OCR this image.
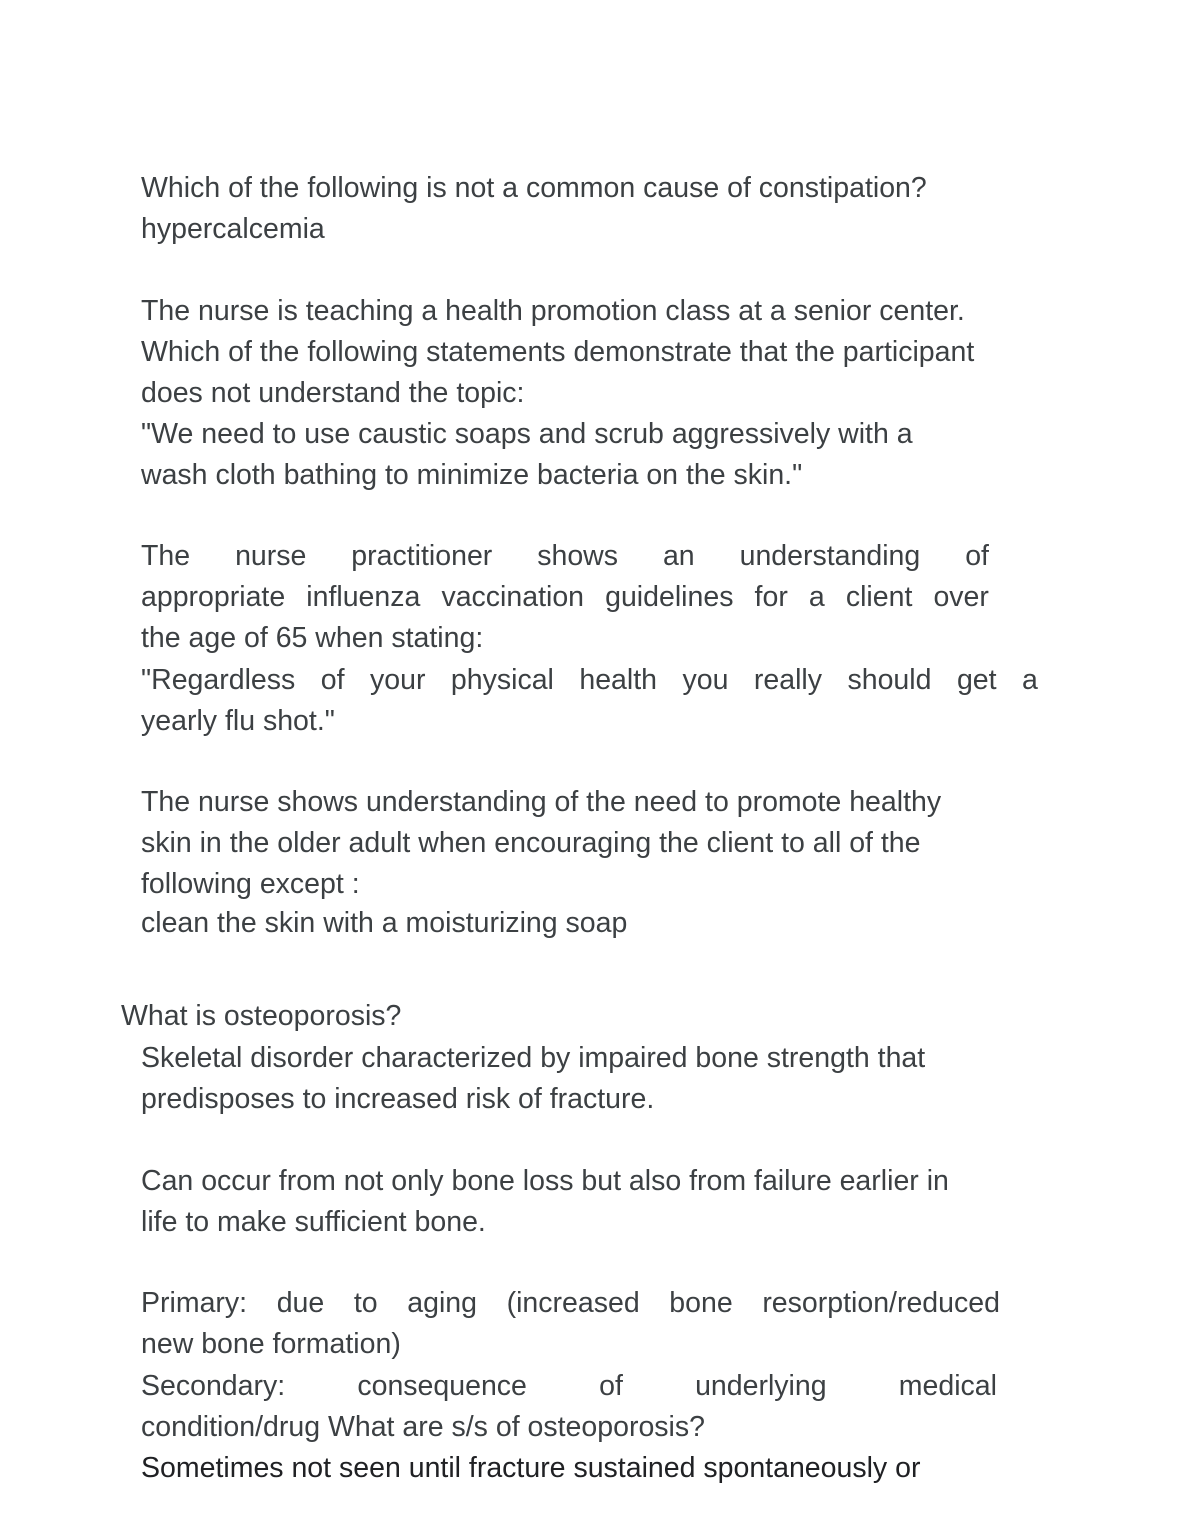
Which of the following is not a common cause of constipation?

hypercalcemia

The nurse is teaching a health promotion class at a senior center.

Which of the following statements demonstrate that the participant

does not understand the topic:

"We need to use caustic soaps and scrub aggressively with a

wash cloth bathing to minimize bacteria on the skin."

The nurse practitioner shows an understanding of
appropriate influenza vaccination guidelines for a client over

the age of 65 when stating:

"Regardless of your physical health you really should get a

yearly flu shot."

The nurse shows understanding of the need to promote healthy

skin in the older adult when encouraging the client to all of the

following except :

clean the skin with a moisturizing soap

What is osteoporosis?

Skeletal disorder characterized by impaired bone strength that

predisposes to increased risk of fracture.

Can occur from not only bone loss but also from failure earlier in

life to make sufficient bone.

Primary: due to aging (increased bone resorption/reduced

new bone formation)

Secondary:	consequence	of	underlying	medical

condition/drug What are s/s of osteoporosis?

Sometimes not seen until fracture sustained spontaneously or
